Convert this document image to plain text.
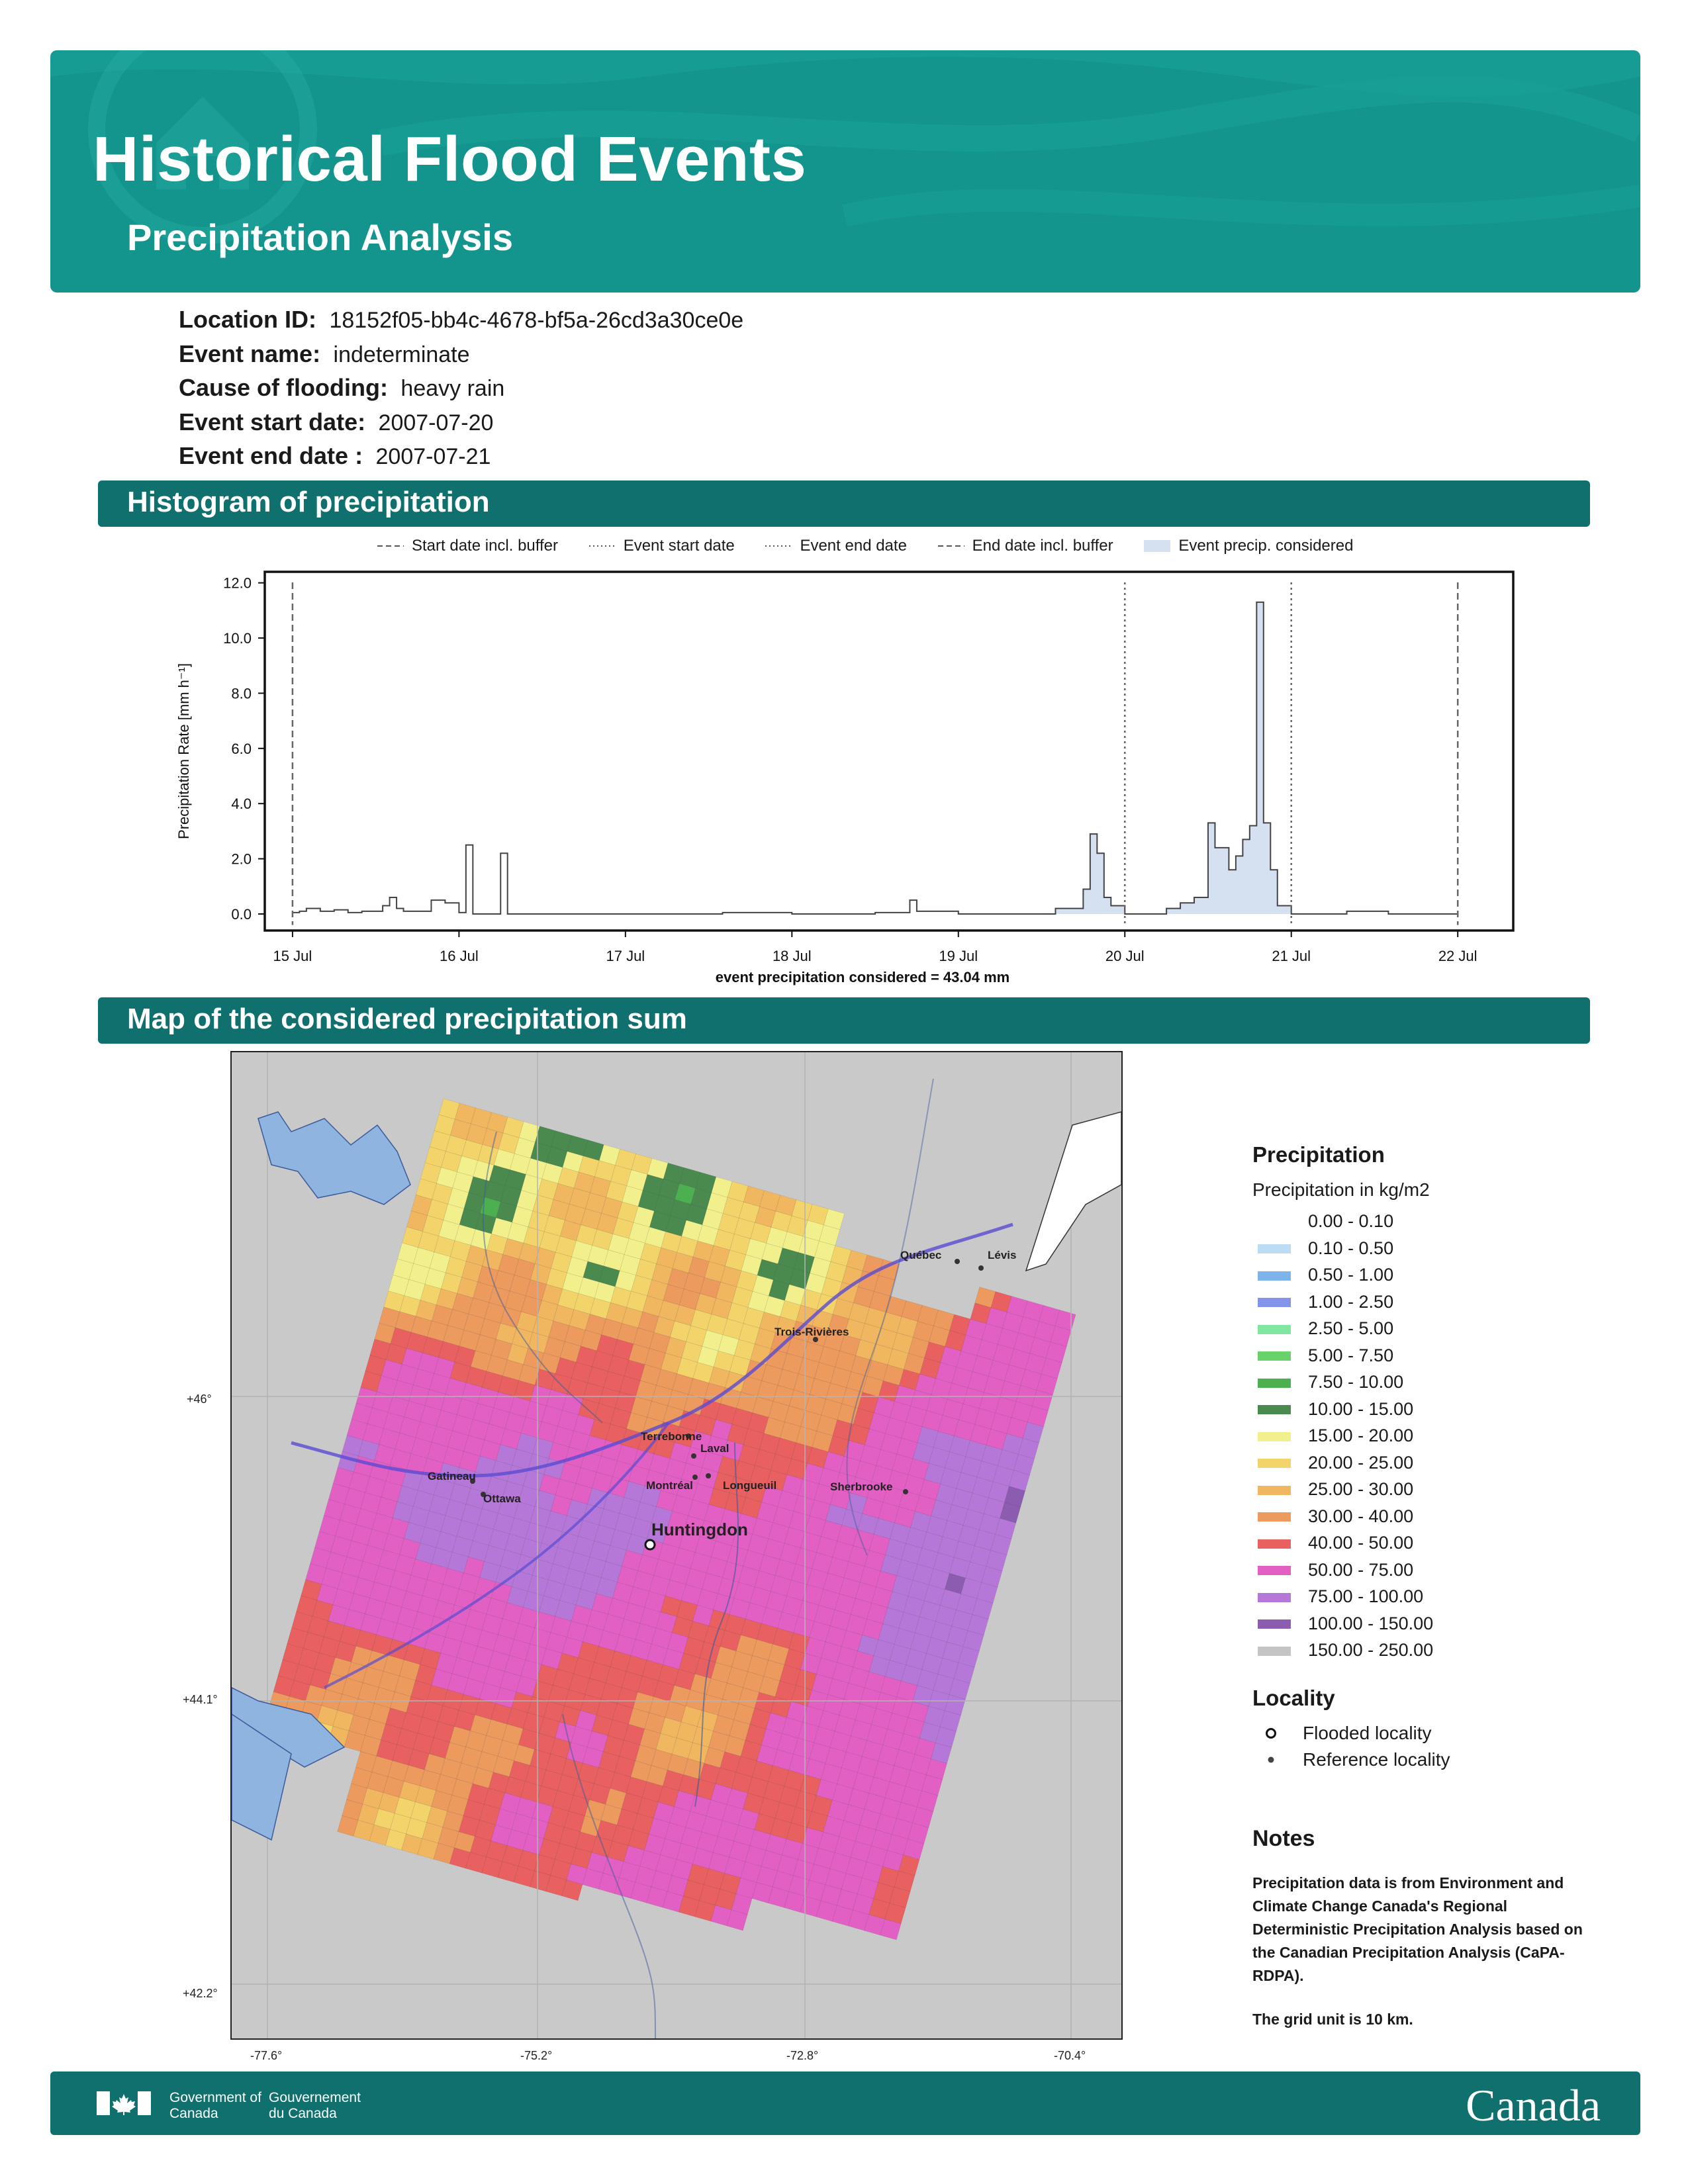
Historical Flood Events
Precipitation Analysis
Location ID: 18152f05-bb4c-4678-bf5a-26cd3a30ce0e
Event name: indeterminate
Cause of flooding: heavy rain
Event start date: 2007-07-20
Event end date : 2007-07-21
Histogram of precipitation
Start date incl. buffer	Event start date	Event end date	End date incl. buffer	Event precip. considered
0.0
2.0
4.0
6.0
8.0
10.0
12.0
15 Jul	16 Jul	17 Jul	18 Jul	19 Jul	20 Jul	21 Jul	22 Jul
event precipitation considered = 43.04 mm
Precipitation Rate [mm h⁻¹]
Map of the considered precipitation sum
Québec	Lévis
Trois-Rivières
Terrebonne
Laval
Gatineau
Ottawa
Montréal	Longueuil	Sherbrooke
Huntingdon
+46°
+44.1°
+42.2°
-77.6°	-75.2°	-72.8°	-70.4°
Precipitation
Precipitation in kg/m2
0.00 - 0.10
0.10 - 0.50
0.50 - 1.00
1.00 - 2.50
2.50 - 5.00
5.00 - 7.50
7.50 - 10.00
10.00 - 15.00
15.00 - 20.00
20.00 - 25.00
25.00 - 30.00
30.00 - 40.00
40.00 - 50.00
50.00 - 75.00
75.00 - 100.00
100.00 - 150.00
150.00 - 250.00
Locality
Flooded locality
Reference locality
Notes
Precipitation data is from Environment and Climate Change Canada's Regional Deterministic Precipitation Analysis based on the Canadian Precipitation Analysis (CaPA-RDPA).
The grid unit is 10 km.
Government of Canada
Gouvernement du Canada	Canada
